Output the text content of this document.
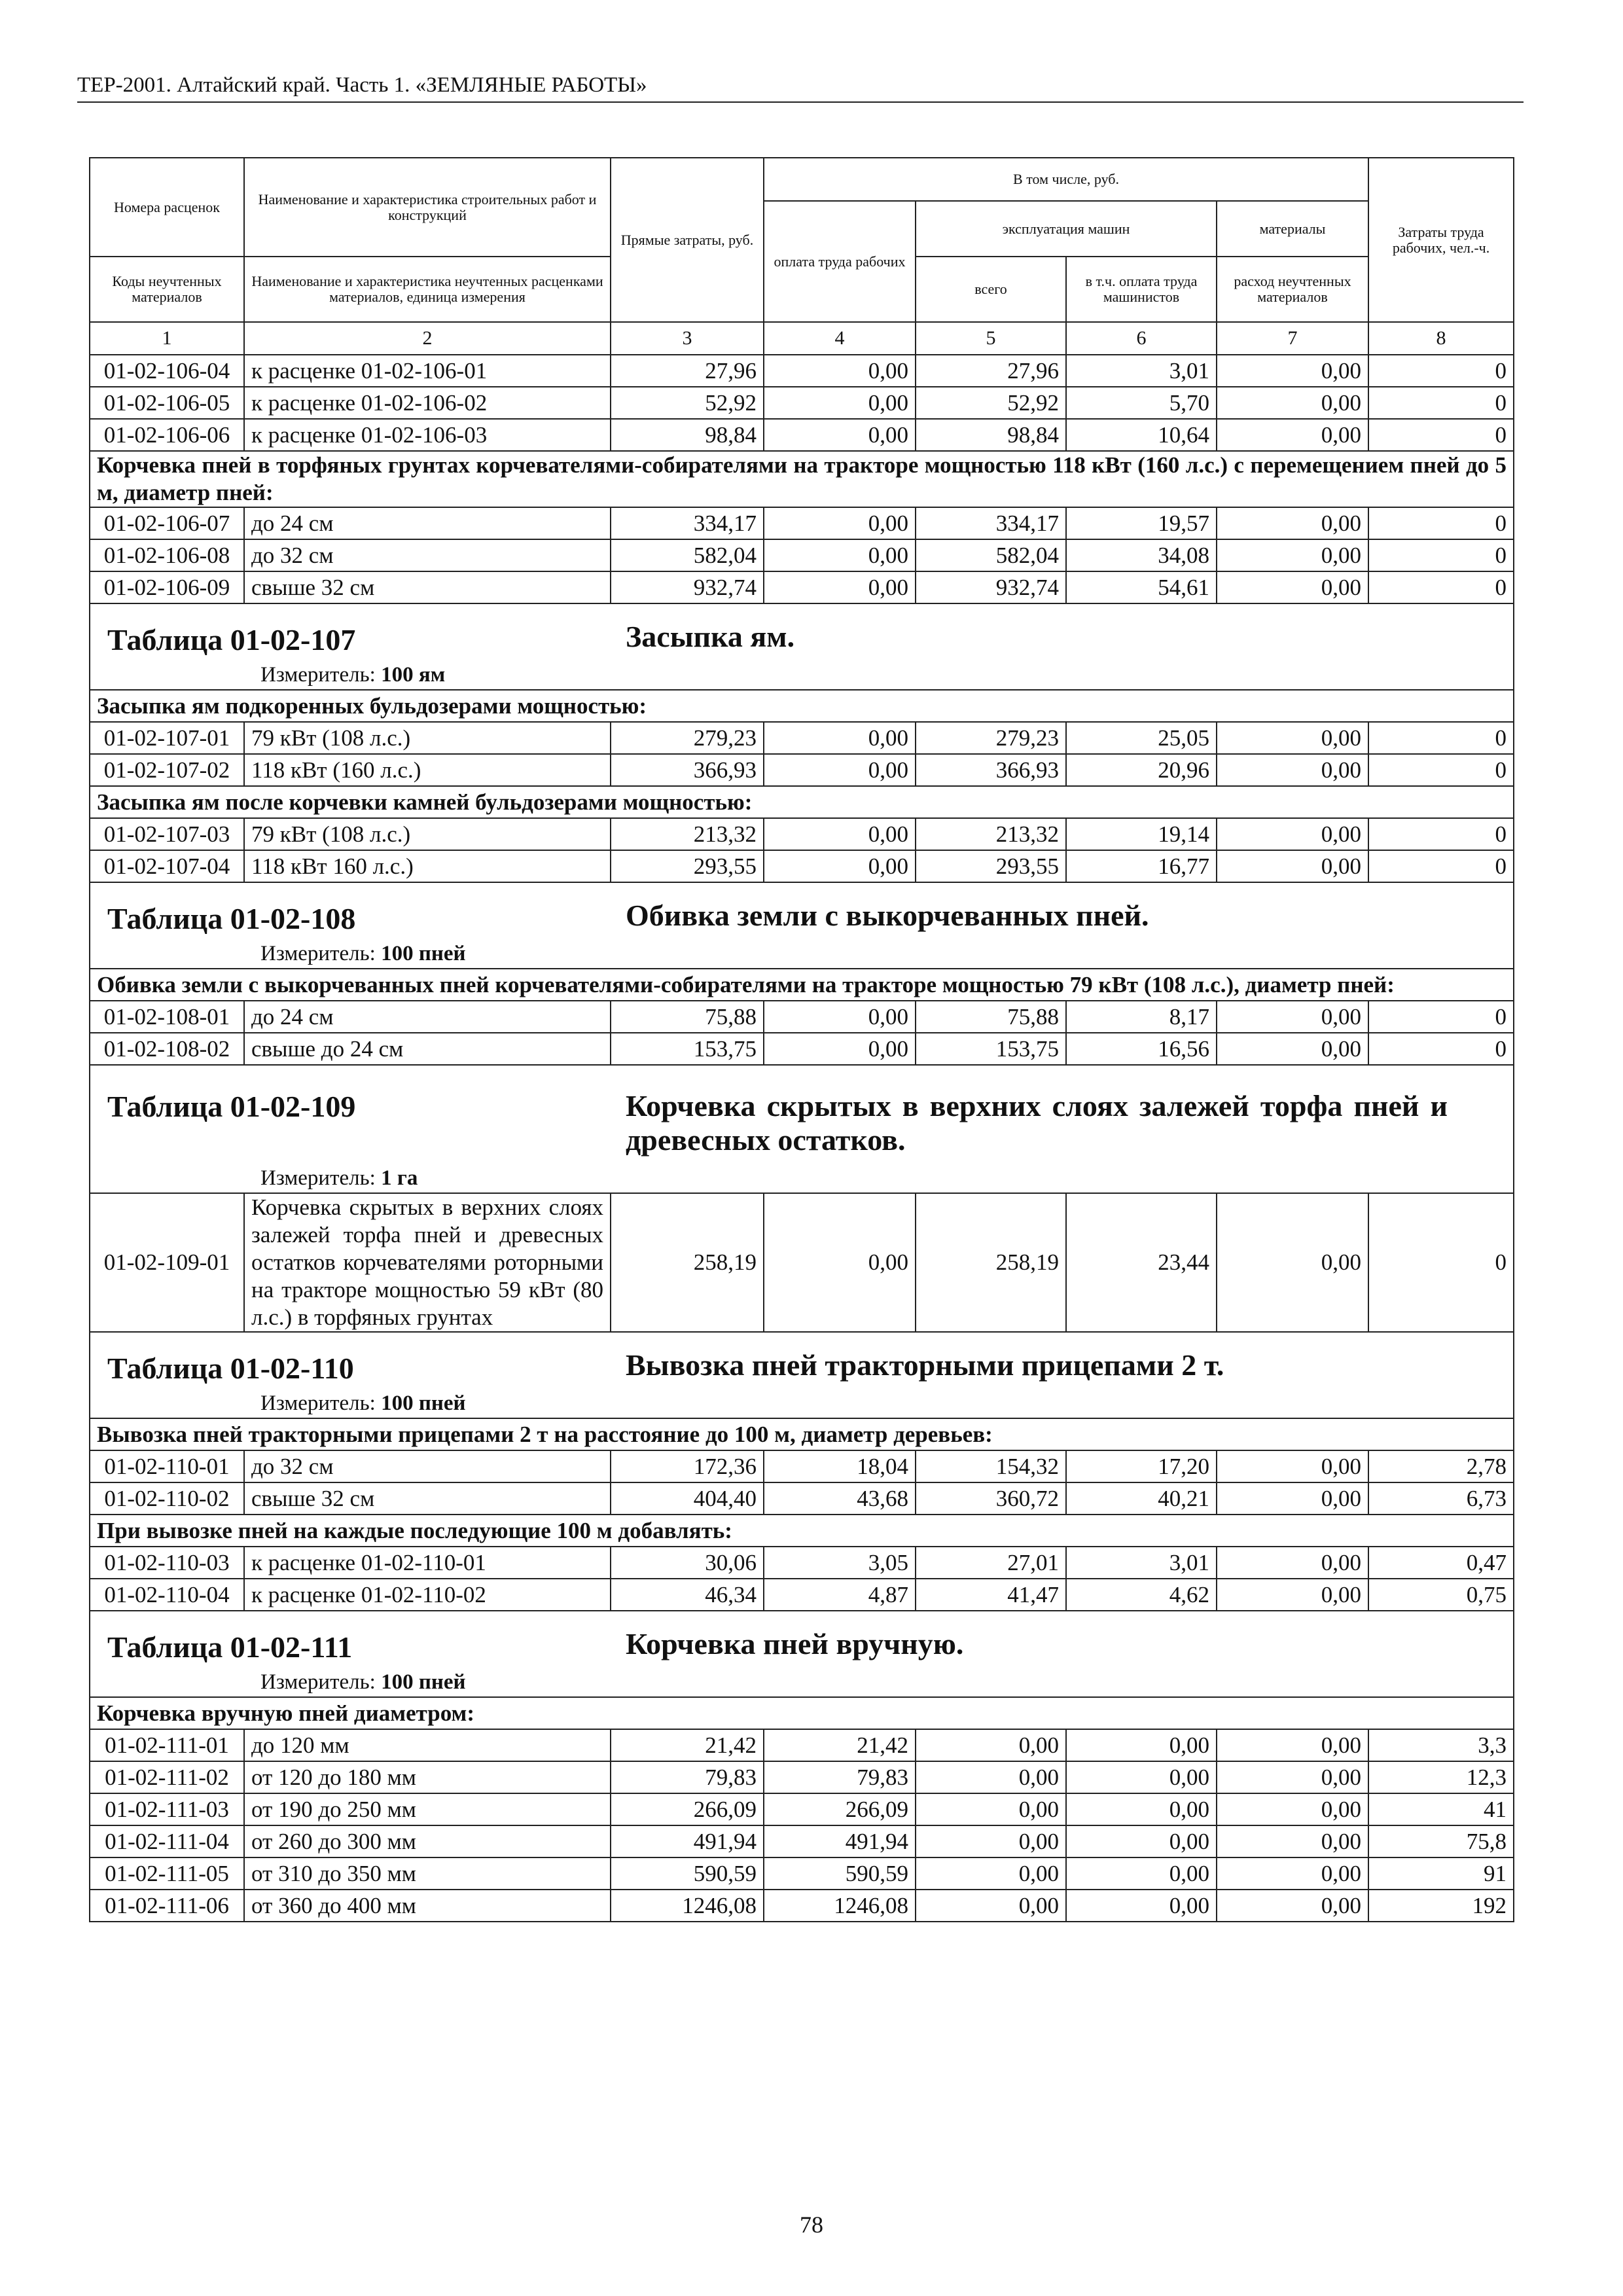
ТЕР-2001. Алтайский край. Часть 1. «ЗЕМЛЯНЫЕ РАБОТЫ»
Номера расценок	Наименование и характеристика строительных работ и конструкций	Прямые затраты, руб.	В том числе, руб.				Затраты труда рабочих, чел.-ч.
			оплата труда рабочих	эксплуатация машин		материалы	
Коды неучтенных материалов	Наименование и характеристика неучтенных расценками материалов, единица измерения			всего	в т.ч. оплата труда машинистов	расход неучтенных материалов	
1	2	3	4	5	6	7	8
01-02-106-04	к расценке 01-02-106-01	27,96	0,00	27,96	3,01	0,00	0
01-02-106-05	к расценке 01-02-106-02	52,92	0,00	52,92	5,70	0,00	0
01-02-106-06	к расценке 01-02-106-03	98,84	0,00	98,84	10,64	0,00	0
Корчевка пней в торфяных грунтах корчевателями-собирателями на тракторе мощностью 118 кВт (160 л.с.) с перемещением пней до 5 м, диаметр пней:							
01-02-106-07	до 24 см	334,17	0,00	334,17	19,57	0,00	0
01-02-106-08	до 32 см	582,04	0,00	582,04	34,08	0,00	0
01-02-106-09	свыше 32 см	932,74	0,00	932,74	54,61	0,00	0

Таблица 01-02-107 Засыпка ям.							

Измеритель: 100 ям							
Засыпка ям подкоренных бульдозерами мощностью:							
01-02-107-01	79 кВт (108 л.с.)	279,23	0,00	279,23	25,05	0,00	0
01-02-107-02	118 кВт (160 л.с.)	366,93	0,00	366,93	20,96	0,00	0
Засыпка ям после корчевки камней бульдозерами мощностью:							
01-02-107-03	79 кВт (108 л.с.)	213,32	0,00	213,32	19,14	0,00	0
01-02-107-04	118 кВт 160 л.с.)	293,55	0,00	293,55	16,77	0,00	0

Таблица 01-02-108 Обивка земли с выкорчеванных пней.							

Измеритель: 100 пней							
Обивка земли с выкорчеванных пней корчевателями-собирателями на тракторе мощностью 79 кВт (108 л.с.), диаметр пней:							
01-02-108-01	до 24 см	75,88	0,00	75,88	8,17	0,00	0
01-02-108-02	свыше до 24 см	153,75	0,00	153,75	16,56	0,00	0

Таблица 01-02-109 Корчевка скрытых в верхних слоях залежей торфа пней и древесных остатков.							

Измеритель: 1 га							
01-02-109-01	Корчевка скрытых в верхних слоях залежей торфа пней и древесных остатков корчевателями роторными на тракторе мощностью 59 кВт (80 л.с.) в торфяных грунтах	258,19	0,00	258,19	23,44	0,00	0

Таблица 01-02-110 Вывозка пней тракторными прицепами 2 т.							

Измеритель: 100 пней							
Вывозка пней тракторными прицепами 2 т на расстояние до 100 м, диаметр деревьев:							
01-02-110-01	до 32 см	172,36	18,04	154,32	17,20	0,00	2,78
01-02-110-02	свыше 32 см	404,40	43,68	360,72	40,21	0,00	6,73
При вывозке пней на каждые последующие 100 м добавлять:							
01-02-110-03	к расценке 01-02-110-01	30,06	3,05	27,01	3,01	0,00	0,47
01-02-110-04	к расценке 01-02-110-02	46,34	4,87	41,47	4,62	0,00	0,75

Таблица 01-02-111 Корчевка пней вручную.							

Измеритель: 100 пней							
Корчевка вручную пней диаметром:							
01-02-111-01	до 120 мм	21,42	21,42	0,00	0,00	0,00	3,3
01-02-111-02	от 120 до 180 мм	79,83	79,83	0,00	0,00	0,00	12,3
01-02-111-03	от 190 до 250 мм	266,09	266,09	0,00	0,00	0,00	41
01-02-111-04	от 260 до 300 мм	491,94	491,94	0,00	0,00	0,00	75,8
01-02-111-05	от 310 до 350 мм	590,59	590,59	0,00	0,00	0,00	91
01-02-111-06	от 360 до 400 мм	1246,08	1246,08	0,00	0,00	0,00	192
78
